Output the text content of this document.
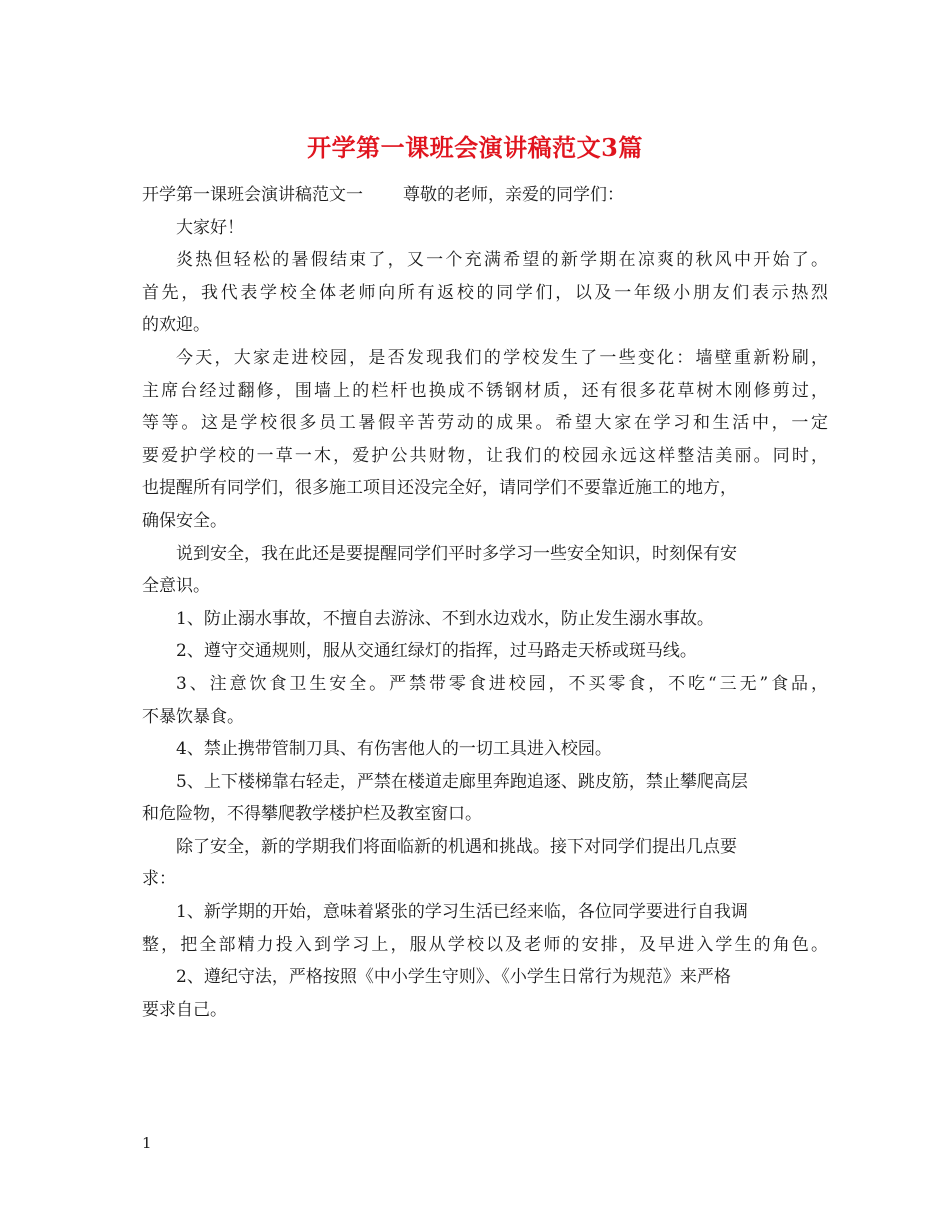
开学第一课班会演讲稿范文3篇
开学第一课班会演讲稿范文一 尊敬的老师，亲爱的同学们：
大家好！
炎热但轻松的暑假结束了，又一个充满希望的新学期在凉爽的秋风中开始了。
首先，我代表学校全体老师向所有返校的同学们，以及一年级小朋友们表示热烈
的欢迎。
今天，大家走进校园，是否发现我们的学校发生了一些变化：墙壁重新粉刷，
主席台经过翻修，围墙上的栏杆也换成不锈钢材质，还有很多花草树木刚修剪过，
等等。这是学校很多员工暑假辛苦劳动的成果。希望大家在学习和生活中，一定
要爱护学校的一草一木，爱护公共财物，让我们的校园永远这样整洁美丽。同时，
也提醒所有同学们，很多施工项目还没完全好，请同学们不要靠近施工的地方，
确保安全。
说到安全，我在此还是要提醒同学们平时多学习一些安全知识，时刻保有安
全意识。
1、防止溺水事故，不擅自去游泳、不到水边戏水，防止发生溺水事故。
2、遵守交通规则，服从交通红绿灯的指挥，过马路走天桥或斑马线。
3、注意饮食卫生安全。严禁带零食进校园，不买零食，不吃“三无”食品，
不暴饮暴食。
4、禁止携带管制刀具、有伤害他人的一切工具进入校园。
5、上下楼梯靠右轻走，严禁在楼道走廊里奔跑追逐、跳皮筋，禁止攀爬高层
和危险物，不得攀爬教学楼护栏及教室窗口。
除了安全，新的学期我们将面临新的机遇和挑战。接下对同学们提出几点要
求：
1、新学期的开始，意味着紧张的学习生活已经来临，各位同学要进行自我调
整，把全部精力投入到学习上，服从学校以及老师的安排，及早进入学生的角色。
2、遵纪守法，严格按照《中小学生守则》、《小学生日常行为规范》来严格
要求自己。
1
